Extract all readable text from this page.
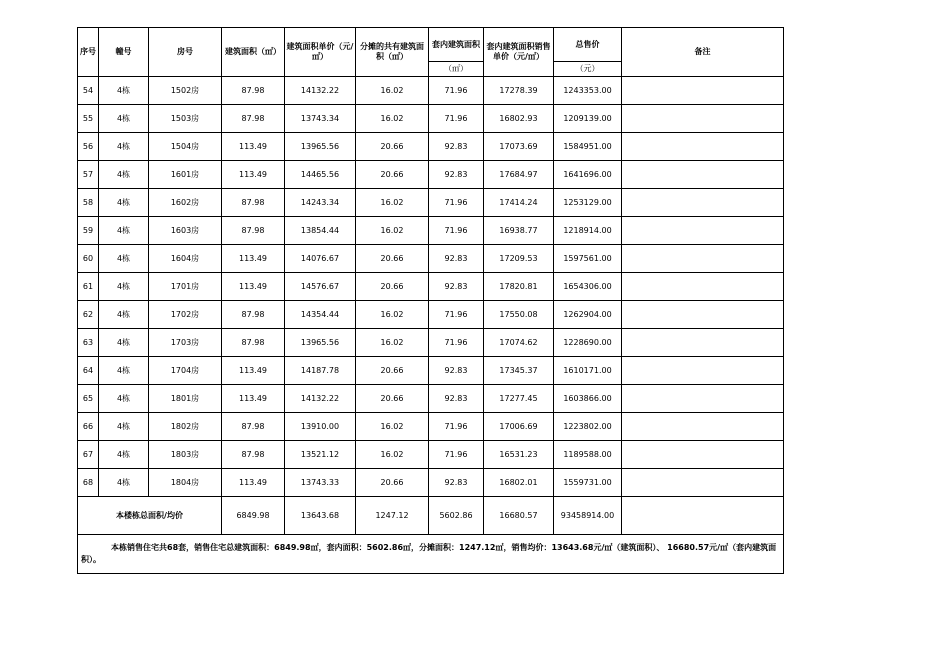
序号	幢号	房号	建筑面积（㎡）	建筑面积单价（元/㎡）	分摊的共有建筑面积（㎡）	套内建筑面积	套内建筑面积销售单价（元/㎡）	总售价	备注
						（㎡）		（元）	
54	4栋	1502房	87.98	14132.22	16.02	71.96	17278.39	1243353.00	
55	4栋	1503房	87.98	13743.34	16.02	71.96	16802.93	1209139.00	
56	4栋	1504房	113.49	13965.56	20.66	92.83	17073.69	1584951.00	
57	4栋	1601房	113.49	14465.56	20.66	92.83	17684.97	1641696.00	
58	4栋	1602房	87.98	14243.34	16.02	71.96	17414.24	1253129.00	
59	4栋	1603房	87.98	13854.44	16.02	71.96	16938.77	1218914.00	
60	4栋	1604房	113.49	14076.67	20.66	92.83	17209.53	1597561.00	
61	4栋	1701房	113.49	14576.67	20.66	92.83	17820.81	1654306.00	
62	4栋	1702房	87.98	14354.44	16.02	71.96	17550.08	1262904.00	
63	4栋	1703房	87.98	13965.56	16.02	71.96	17074.62	1228690.00	
64	4栋	1704房	113.49	14187.78	20.66	92.83	17345.37	1610171.00	
65	4栋	1801房	113.49	14132.22	20.66	92.83	17277.45	1603866.00	
66	4栋	1802房	87.98	13910.00	16.02	71.96	17006.69	1223802.00	
67	4栋	1803房	87.98	13521.12	16.02	71.96	16531.23	1189588.00	
68	4栋	1804房	113.49	13743.33	20.66	92.83	16802.01	1559731.00	
本楼栋总面积/均价			6849.98	13643.68	1247.12	5602.86	16680.57	93458914.00	
本栋销售住宅共68套，销售住宅总建筑面积：6849.98㎡，套内面积：5602.86㎡，分摊面积：1247.12㎡，销售均价：13643.68元/㎡（建筑面积）、 16680.57元/㎡（套内建筑面积）。									
